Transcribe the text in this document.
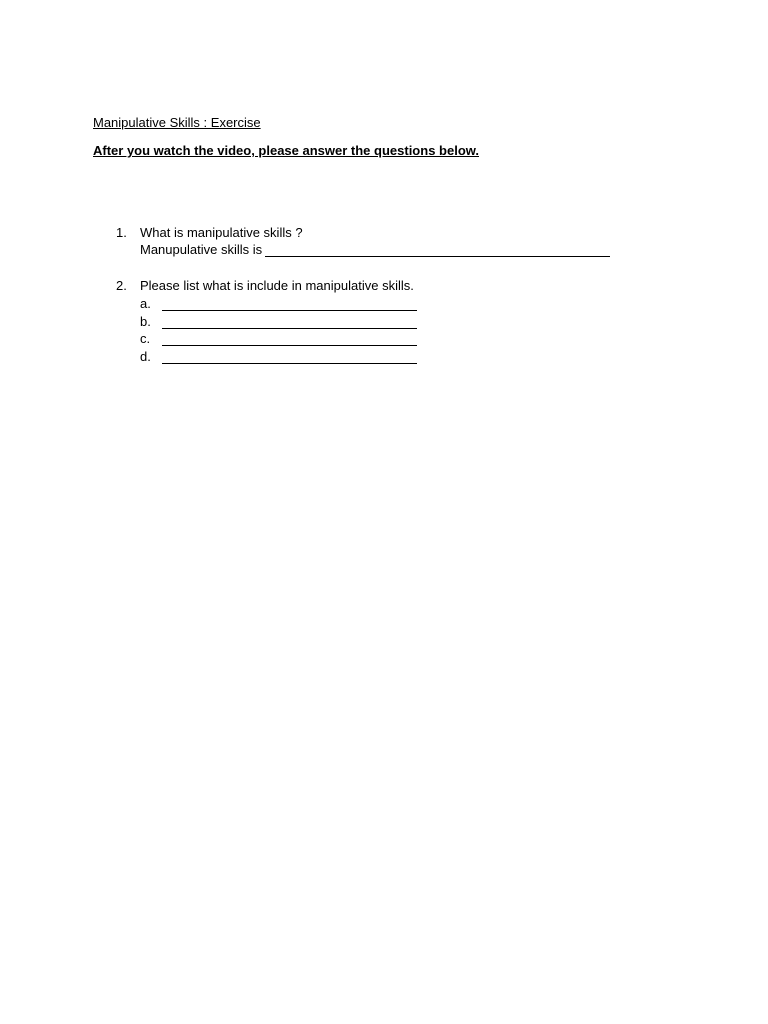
Manipulative Skills : Exercise
After you watch the video, please answer the questions below.
1. What is manipulative skills ?
Manupulative skills is
2. Please list what is include in manipulative skills.
a.
b.
c.
d.
